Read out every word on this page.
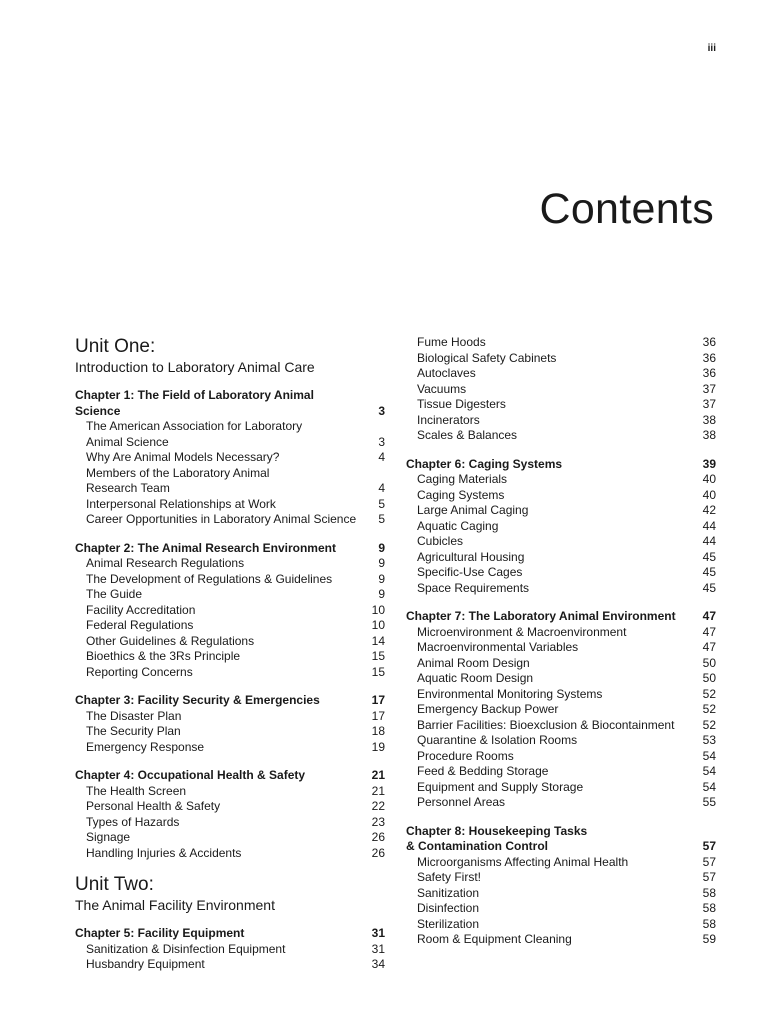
iii
Contents
Unit One:
Introduction to Laboratory Animal Care
Chapter 1: The Field of Laboratory Animal Science	3
The American Association for Laboratory
Animal Science	3
Why Are Animal Models Necessary?	4
Members of the Laboratory Animal
Research Team	4
Interpersonal Relationships at Work	5
Career Opportunities in Laboratory Animal Science	5
Chapter 2: The Animal Research Environment	9
Animal Research Regulations	9
The Development of Regulations & Guidelines	9
The Guide	9
Facility Accreditation	10
Federal Regulations	10
Other Guidelines & Regulations	14
Bioethics & the 3Rs Principle	15
Reporting Concerns	15
Chapter 3: Facility Security & Emergencies	17
The Disaster Plan	17
The Security Plan	18
Emergency Response	19
Chapter 4: Occupational Health & Safety	21
The Health Screen	21
Personal Health & Safety	22
Types of Hazards	23
Signage	26
Handling Injuries & Accidents	26
Unit Two:
The Animal Facility Environment
Chapter 5: Facility Equipment	31
Sanitization & Disinfection Equipment	31
Husbandry Equipment	34
Fume Hoods	36
Biological Safety Cabinets	36
Autoclaves	36
Vacuums	37
Tissue Digesters	37
Incinerators	38
Scales & Balances	38
Chapter 6: Caging Systems	39
Caging Materials	40
Caging Systems	40
Large Animal Caging	42
Aquatic Caging	44
Cubicles	44
Agricultural Housing	45
Specific-Use Cages	45
Space Requirements	45
Chapter 7: The Laboratory Animal Environment	47
Microenvironment & Macroenvironment	47
Macroenvironmental Variables	47
Animal Room Design	50
Aquatic Room Design	50
Environmental Monitoring Systems	52
Emergency Backup Power	52
Barrier Facilities: Bioexclusion & Biocontainment	52
Quarantine & Isolation Rooms	53
Procedure Rooms	54
Feed & Bedding Storage	54
Equipment and Supply Storage	54
Personnel Areas	55
Chapter 8: Housekeeping Tasks
& Contamination Control	57
Microorganisms Affecting Animal Health	57
Safety First!	57
Sanitization	58
Disinfection	58
Sterilization	58
Room & Equipment Cleaning	59
